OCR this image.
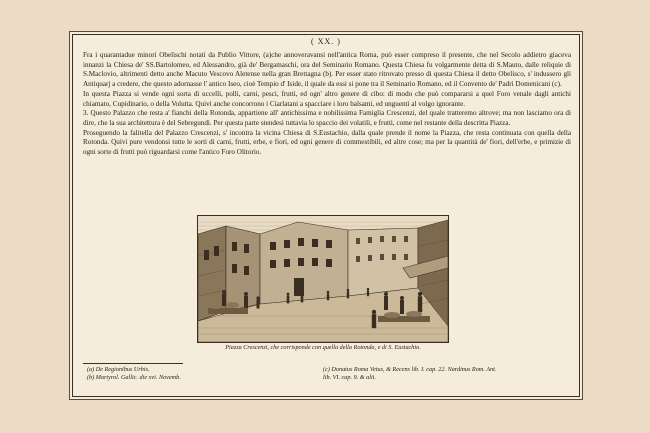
( XX. )

Fra i quarantadue minori Obelischi notati da Publio Vittore, (a)che annoveravansi nell'antica Roma, può esser compreso il presente, che nel Secolo addietro giaceva innanzi la Chiesa de' SS.Bartolomeo, ed Alessandro, già de' Bergamaschi, ora del Seminario Romano. Questa Chiesa fu volgarmente detta di S.Mauto, dalle reliquie di S.Maclovio, altrimenti detto anche Macuto Vescovo Aletense nella gran Brettagna (b). Per esser stato ritrovato presso di questa Chiesa il detto Obelisco, s' indussero gli Antiquarj a credere, che questo adornasse l' antico Iseo, cioè Tempio d' Iside, il quale da essi si pone tra il Seminario Romano, ed il Convento de' Padri Domenicani (c).

In questa Piazza si vende ogni sorta di uccelli, polli, carni, pesci, frutti, ed ogn' altro genere di cibo: di modo che può compararsi a quel Foro venale dagli antichi chiamato, Cupidinario, o della Volutta. Quivi anche concorrono i Ciarlatani a spacciare i loro balsami, ed unguenti al volgo ignorante.

3. Questo Palazzo che resta a' fianchi della Rotonda, appartiene all' antichissima e nobilissima Famiglia Crescenzi, del quale tratteremo altrove; ma non lasciamo ora di dire, che la sua architettura è del Sebregundi. Per questa parte stendesi tuttavia lo spaccio dei volatili, e frutti, come nel restante della descritta Piazza.

Proseguendo la falitella del Palazzo Crescenzi, s' incontra la vicina Chiesa di S.Eustachio, dalla quale prende il nome la Piazza, che resta continuata con quella della Rotonda. Quivi pure vendonsi tutte le sorti di carni, frutti, erbe, e fiori, ed ogni genere di commestibili, ed altre cose; ma per la quantità de' fiori, dell'erbe, e primizie di ogni sorte di frutti può riguardarsi come l'antico Foro Olitorio.

Piazza Crescenzi, che corrisponde con quella della Rotonda, e di S. Eustachio.
(a) De Regionibus Urbis.
(b) Martyrol. Gallic. die xvi. Novemb.
(c) Donatus Roma Vetus, & Recens lib. I. cap. 22. Nardinus Rom. Ant.
lib. VI. cap. 9. & alii.
